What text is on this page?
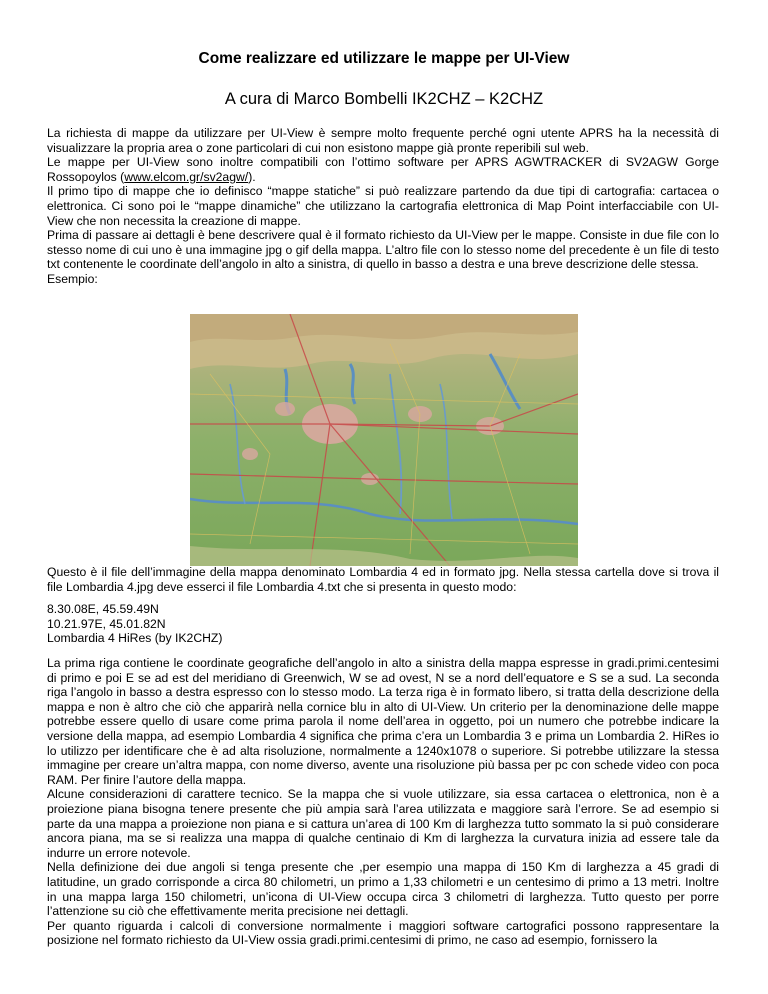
Come realizzare ed utilizzare le mappe per UI-View
A cura di Marco Bombelli IK2CHZ – K2CHZ

La richiesta di mappe da utilizzare per UI-View è sempre molto frequente perché ogni utente APRS ha la necessità di visualizzare la propria area o zone particolari di cui non esistono mappe già pronte reperibili sul web.

Le mappe per UI-View sono inoltre compatibili con l’ottimo software per APRS AGWTRACKER di SV2AGW Gorge Rossopoylos (www.elcom.gr/sv2agw/).

Il primo tipo di mappe che io definisco “mappe statiche” si può realizzare partendo da due tipi di cartografia: cartacea o elettronica. Ci sono poi le “mappe dinamiche” che utilizzano la cartografia elettronica di Map Point interfacciabile con UI-View che non necessita la creazione di mappe.

Prima di passare ai dettagli è bene descrivere qual è il formato richiesto da UI-View per le mappe. Consiste in due file con lo stesso nome di cui uno è una immagine jpg o gif della mappa. L’altro file con lo stesso nome del precedente è un file di testo txt contenente le coordinate dell’angolo in alto a sinistra, di quello in basso a destra e una breve descrizione delle stessa.

Esempio:

Questo è il file dell’immagine della mappa denominato Lombardia 4 ed in formato jpg. Nella stessa cartella dove si trova il file Lombardia 4.jpg deve esserci il file Lombardia 4.txt che si presenta in questo modo:
8.30.08E, 45.59.49N
10.21.97E, 45.01.82N
Lombardia 4 HiRes (by IK2CHZ)

La prima riga contiene le coordinate geografiche dell’angolo in alto a sinistra della mappa espresse in gradi.primi.centesimi di primo e poi E se ad est del meridiano di Greenwich, W se ad ovest, N se a nord dell’equatore e S se a sud. La seconda riga l’angolo in basso a destra espresso con lo stesso modo. La terza riga è in formato libero, si tratta della descrizione della mappa e non è altro che ciò che apparirà nella cornice blu in alto di UI-View. Un criterio per la denominazione delle mappe potrebbe essere quello di usare come prima parola il nome dell’area in oggetto, poi un numero che potrebbe indicare la versione della mappa, ad esempio Lombardia 4 significa che prima c’era un Lombardia 3 e prima un Lombardia 2. HiRes io lo utilizzo per identificare che è ad alta risoluzione, normalmente a 1240x1078 o superiore. Si potrebbe utilizzare la stessa immagine per creare un’altra mappa, con nome diverso, avente una risoluzione più bassa per pc con schede video con poca RAM. Per finire l’autore della mappa.

Alcune considerazioni di carattere tecnico. Se la mappa che si vuole utilizzare, sia essa cartacea o elettronica, non è a proiezione piana bisogna tenere presente che più ampia sarà l’area utilizzata e maggiore sarà l’errore. Se ad esempio si parte da una mappa a proiezione non piana e si cattura un’area di 100 Km di larghezza tutto sommato la si può considerare ancora piana, ma se si realizza una mappa di qualche centinaio di Km di larghezza la curvatura inizia ad essere tale da indurre un errore notevole.

Nella definizione dei due angoli si tenga presente che ,per esempio una mappa di 150 Km di larghezza a 45 gradi di latitudine, un grado corrisponde a circa 80 chilometri, un primo a 1,33 chilometri e un centesimo di primo a 13 metri. Inoltre in una mappa larga 150 chilometri, un’icona di UI-View occupa circa 3 chilometri di larghezza. Tutto questo per porre l’attenzione su ciò che effettivamente merita precisione nei dettagli.

Per quanto riguarda i calcoli di conversione normalmente i maggiori software cartografici possono rappresentare la posizione nel formato richiesto da UI-View ossia gradi.primi.centesimi di primo, ne caso ad esempio, fornissero la
